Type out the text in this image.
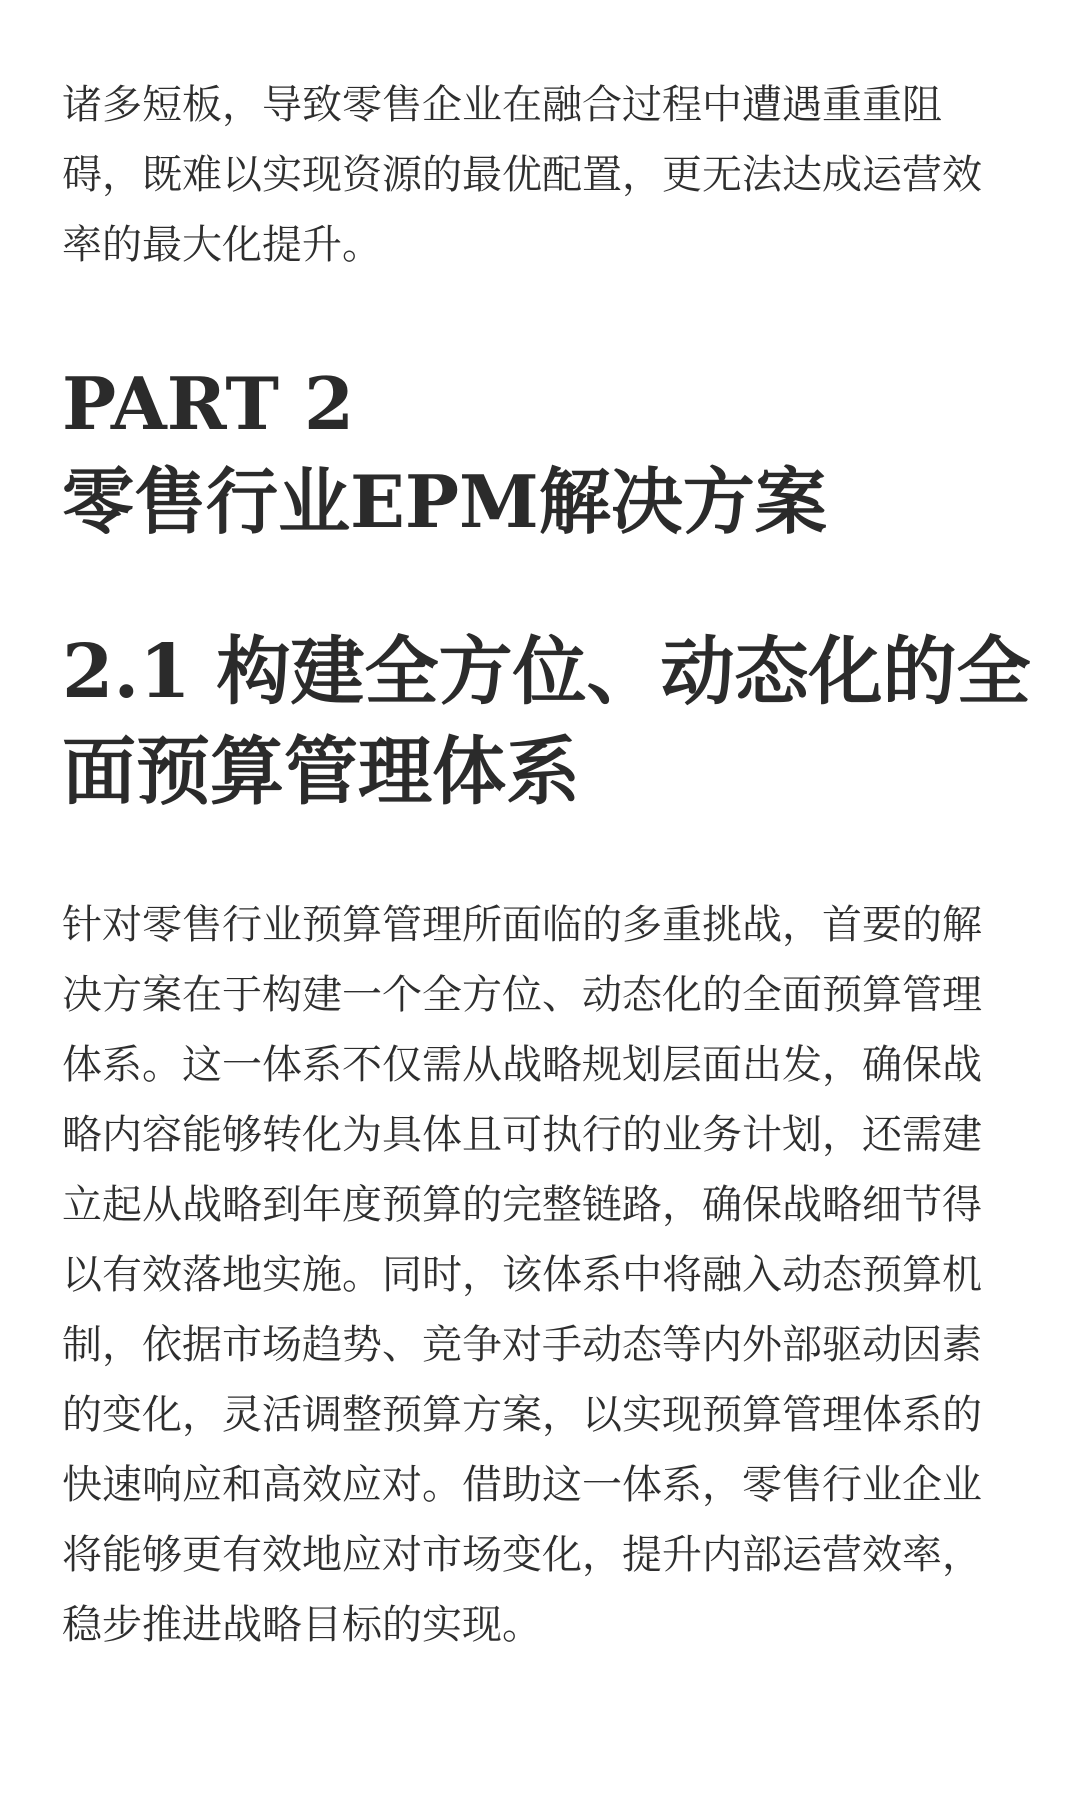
诸多短板，导致零售企业在融合过程中遭遇重重阻
碍，既难以实现资源的最优配置，更无法达成运营效
率的最大化提升。

PART 2
零售行业EPM解决方案
2.1 构建全方位、动态化的全
面预算管理体系

针对零售行业预算管理所面临的多重挑战，首要的解
决方案在于构建一个全方位、动态化的全面预算管理
体系。这一体系不仅需从战略规划层面出发，确保战
略内容能够转化为具体且可执行的业务计划，还需建
立起从战略到年度预算的完整链路，确保战略细节得
以有效落地实施。同时，该体系中将融入动态预算机
制，依据市场趋势、竞争对手动态等内外部驱动因素
的变化，灵活调整预算方案，以实现预算管理体系的
快速响应和高效应对。借助这一体系，零售行业企业
将能够更有效地应对市场变化，提升内部运营效率，
稳步推进战略目标的实现。
